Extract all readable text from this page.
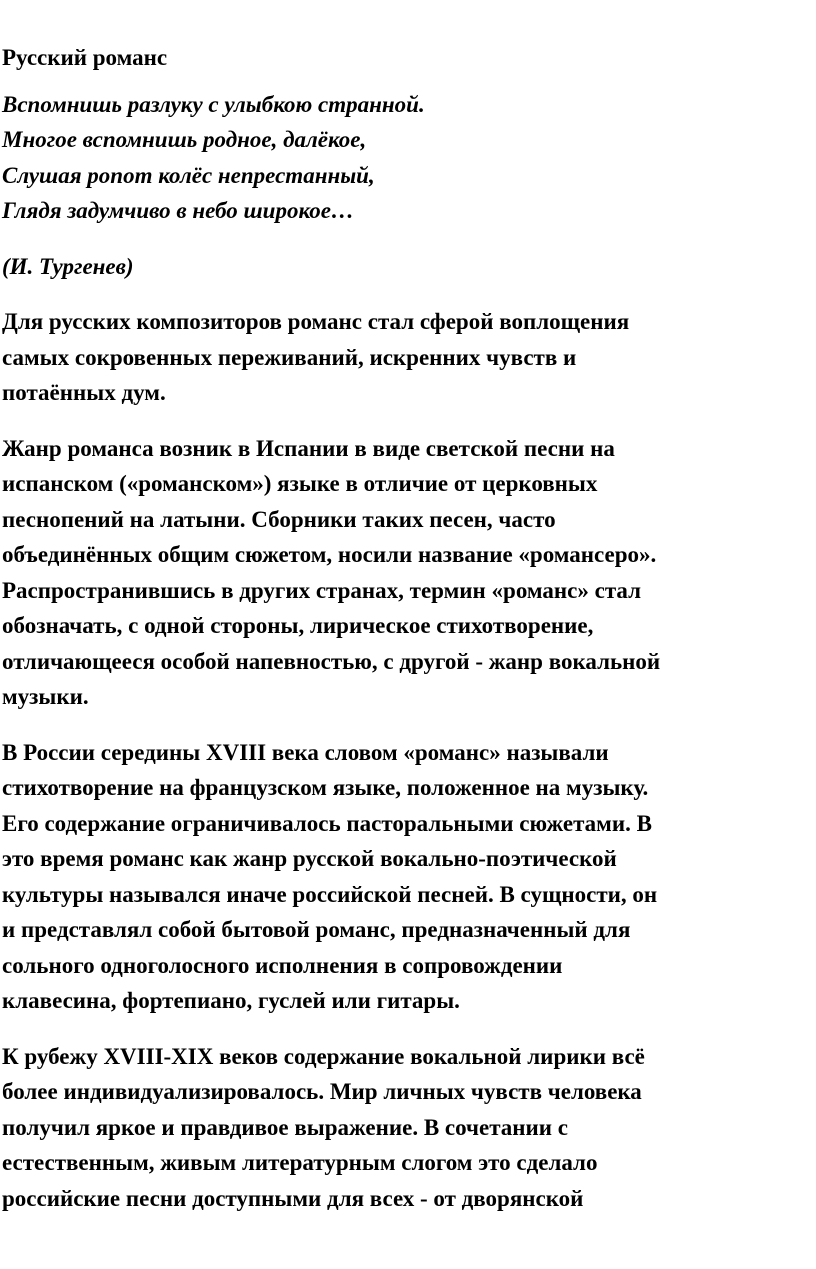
Русский романс

Вспомнишь разлуку с улыбкою странной.
Многое вспомнишь родное, далёкое,
Слушая ропот колёс непрестанный,
Глядя задумчиво в небо широкое…

(И. Тургенев)

Для русских композиторов романс стал сферой воплощения
самых сокровенных переживаний, искренних чувств и
потаённых дум.

Жанр романса возник в Испании в виде светской песни на
испанском («романском») языке в отличие от церковных
песнопений на латыни. Сборники таких песен, часто
объединённых общим сюжетом, носили название «романсеро».
Распространившись в других странах, термин «романс» стал
обозначать, с одной стороны, лирическое стихотворение,
отличающееся особой напевностью, с другой - жанр вокальной
музыки.

В России середины XVIII века словом «романс» называли
стихотворение на французском языке, положенное на музыку.
Его содержание ограничивалось пасторальными сюжетами. В
это время романс как жанр русской вокально-поэтической
культуры назывался иначе российской песней. В сущности, он
и представлял собой бытовой романс, предназначенный для
сольного одноголосного исполнения в сопровождении
клавесина, фортепиано, гуслей или гитары.

К рубежу XVIII-XIX веков содержание вокальной лирики всё
более индивидуализировалось. Мир личных чувств человека
получил яркое и правдивое выражение. В сочетании с
естественным, живым литературным слогом это сделало
российские песни доступными для всех - от дворянской
